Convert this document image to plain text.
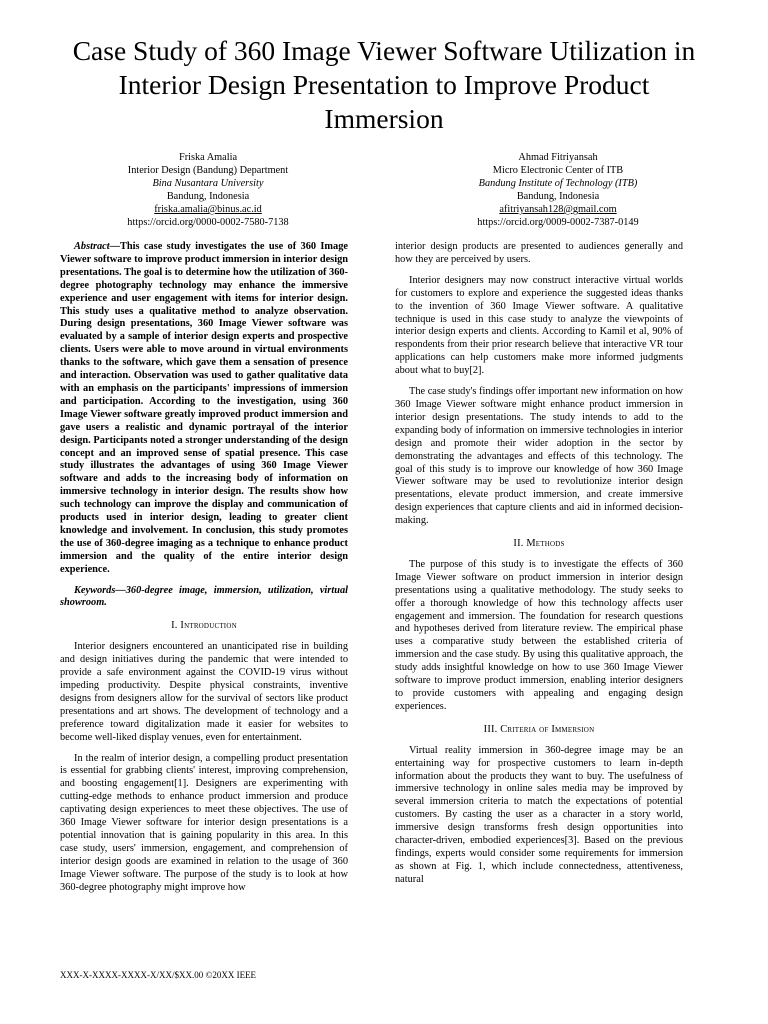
Case Study of 360 Image Viewer Software Utilization in Interior Design Presentation to Improve Product Immersion
Friska Amalia
Interior Design (Bandung) Department
Bina Nusantara University
Bandung, Indonesia
friska.amalia@binus.ac.id
https://orcid.org/0000-0002-7580-7138
Ahmad Fitriyansah
Micro Electronic Center of ITB
Bandung Institute of Technology (ITB)
Bandung, Indonesia
afitriyansah128@gmail.com
https://orcid.org/0009-0002-7387-0149

Abstract—This case study investigates the use of 360 Image Viewer software to improve product immersion in interior design presentations. The goal is to determine how the utilization of 360-degree photography technology may enhance the immersive experience and user engagement with items for interior design. This study uses a qualitative method to analyze observation. During design presentations, 360 Image Viewer software was evaluated by a sample of interior design experts and prospective clients. Users were able to move around in virtual environments thanks to the software, which gave them a sensation of presence and interaction. Observation was used to gather qualitative data with an emphasis on the participants' impressions of immersion and participation. According to the investigation, using 360 Image Viewer software greatly improved product immersion and gave users a realistic and dynamic portrayal of the interior design. Participants noted a stronger understanding of the design concept and an improved sense of spatial presence. This case study illustrates the advantages of using 360 Image Viewer software and adds to the increasing body of information on immersive technology in interior design. The results show how such technology can improve the display and communication of products used in interior design, leading to greater client knowledge and involvement. In conclusion, this study promotes the use of 360-degree imaging as a technique to enhance product immersion and the quality of the entire interior design experience.

Keywords—360-degree image, immersion, utilization, virtual showroom.

I. Introduction

Interior designers encountered an unanticipated rise in building and design initiatives during the pandemic that were intended to provide a safe environment against the COVID-19 virus without impeding productivity. Despite physical constraints, inventive designs from designers allow for the survival of sectors like product presentations and art shows. The development of technology and a preference toward digitalization made it easier for websites to become well-liked display venues, even for entertainment.

In the realm of interior design, a compelling product presentation is essential for grabbing clients' interest, improving comprehension, and boosting engagement[1]. Designers are experimenting with cutting-edge methods to enhance product immersion and produce captivating design experiences to meet these objectives. The use of 360 Image Viewer software for interior design presentations is a potential innovation that is gaining popularity in this area. In this case study, users' immersion, engagement, and comprehension of interior design goods are examined in relation to the usage of 360 Image Viewer software. The purpose of the study is to look at how 360-degree photography might improve how

interior design products are presented to audiences generally and how they are perceived by users.

Interior designers may now construct interactive virtual worlds for customers to explore and experience the suggested ideas thanks to the invention of 360 Image Viewer software. A qualitative technique is used in this case study to analyze the viewpoints of interior design experts and clients. According to Kamil et al, 90% of respondents from their prior research believe that interactive VR tour applications can help customers make more informed judgments about what to buy[2].

The case study's findings offer important new information on how 360 Image Viewer software might enhance product immersion in interior design presentations. The study intends to add to the expanding body of information on immersive technologies in interior design and promote their wider adoption in the sector by demonstrating the advantages and effects of this technology. The goal of this study is to improve our knowledge of how 360 Image Viewer software may be used to revolutionize interior design presentations, elevate product immersion, and create immersive design experiences that capture clients and aid in informed decision-making.

II. Methods

The purpose of this study is to investigate the effects of 360 Image Viewer software on product immersion in interior design presentations using a qualitative methodology. The study seeks to offer a thorough knowledge of how this technology affects user engagement and immersion. The foundation for research questions and hypotheses derived from literature review. The empirical phase uses a comparative study between the established criteria of immersion and the case study. By using this qualitative approach, the study adds insightful knowledge on how to use 360 Image Viewer software to improve product immersion, enabling interior designers to provide customers with appealing and engaging design experiences.

III. Criteria of Immersion

Virtual reality immersion in 360-degree image may be an entertaining way for prospective customers to learn in-depth information about the products they want to buy. The usefulness of immersive technology in online sales media may be improved by several immersion criteria to match the expectations of potential customers. By casting the user as a character in a story world, immersive design transforms fresh design opportunities into character-driven, embodied experiences[3]. Based on the previous findings, experts would consider some requirements for immersion as shown at Fig. 1, which include connectedness, attentiveness, natural

XXX-X-XXXX-XXXX-X/XX/$XX.00 ©20XX IEEE
